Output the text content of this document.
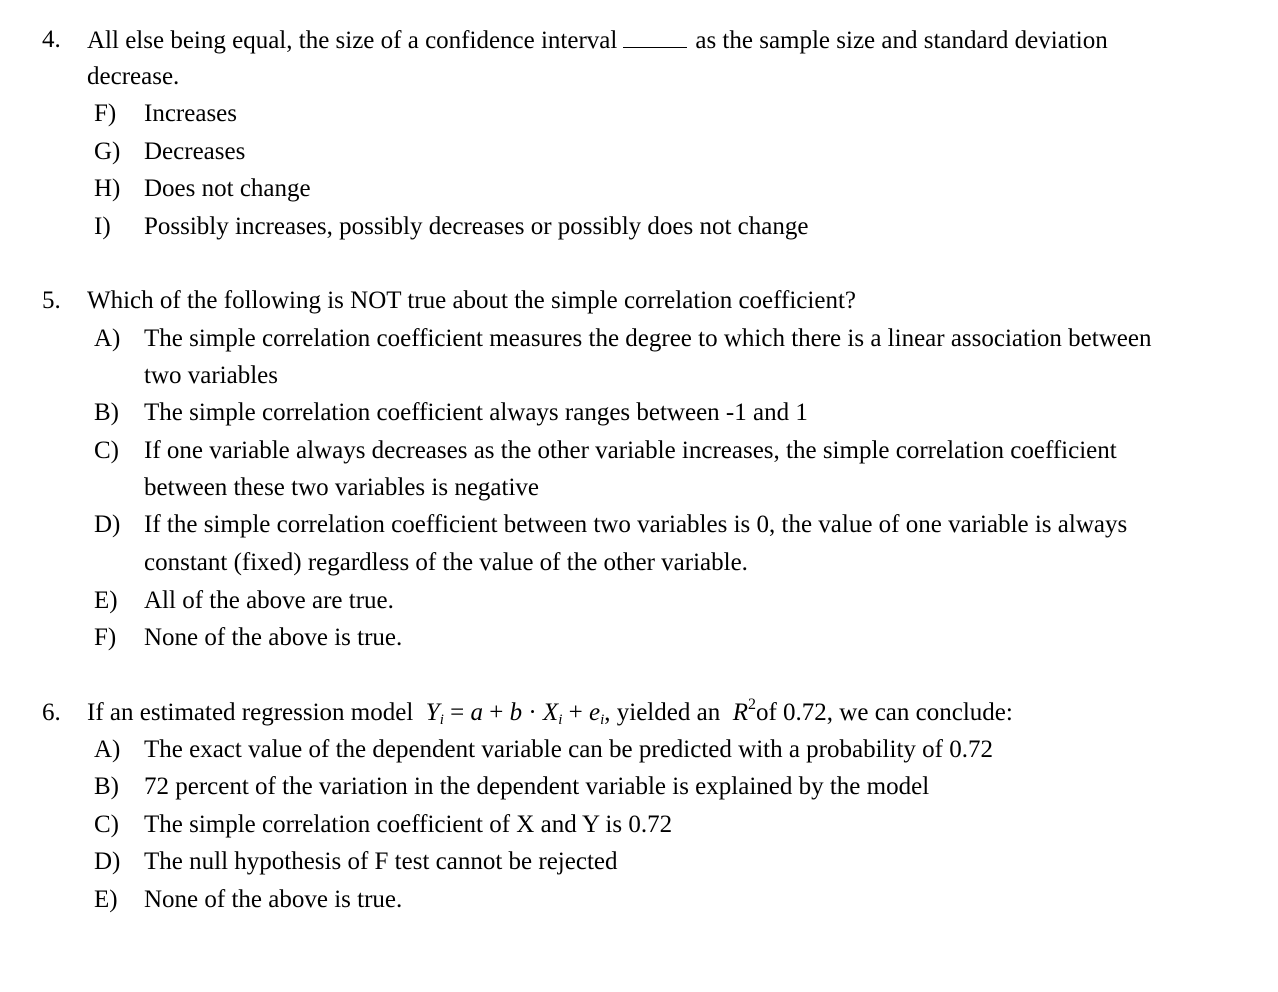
4. All else being equal, the size of a confidence interval	as the sample size and standard deviation
decrease.
F) Increases
G) Decreases
H) Does not change
I) Possibly increases, possibly decreases or possibly does not change
5. Which of the following is NOT true about the simple correlation coefficient?
A) The simple correlation coefficient measures the degree to which there is a linear association between
two variables
B) The simple correlation coefficient always ranges between -1 and 1
C) If one variable always decreases as the other variable increases, the simple correlation coefficient
between these two variables is negative
D) If the simple correlation coefficient between two variables is 0, the value of one variable is always
constant (fixed) regardless of the value of the other variable.
E) All of the above are true.
F) None of the above is true.
6. If an estimated regression model  $Y_i = a + b \cdot X_i + e_i$, yielded an  $R^2of$ 0.72, we can conclude:
A) The exact value of the dependent variable can be predicted with a probability of 0.72
B) 72 percent of the variation in the dependent variable is explained by the model
C) The simple correlation coefficient of X and Y is 0.72
D) The null hypothesis of F test cannot be rejected
E) None of the above is true.
